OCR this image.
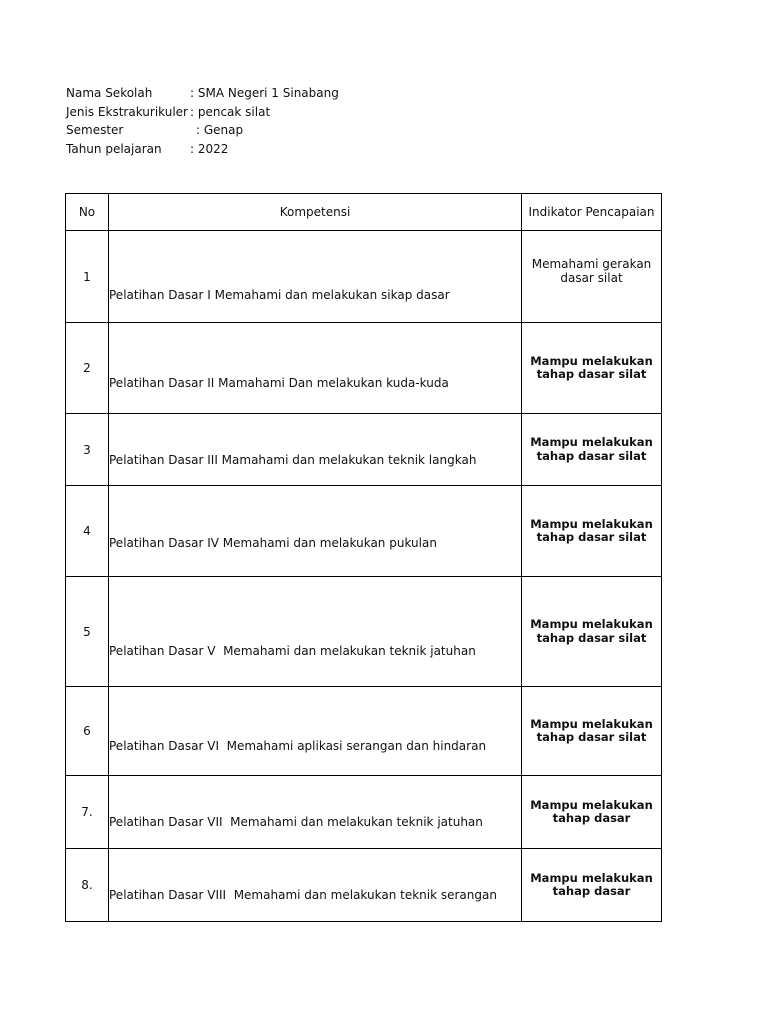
Nama Sekolah	: SMA Negeri 1 Sinabang
Jenis Ekstrakurikuler : pencak silat
Semester	: Genap
Tahun pelajaran	: 2022
No	Kompetensi	Indikator Pencapaian
1	Pelatihan Dasar I Memahami dan melakukan sikap dasar	Memahami gerakan dasar silat
2	Pelatihan Dasar II Mamahami Dan melakukan kuda-kuda	Mampu melakukan tahap dasar silat
3	Pelatihan Dasar III Mamahami dan melakukan teknik langkah	Mampu melakukan tahap dasar silat
4	Pelatihan Dasar IV Memahami dan melakukan pukulan	Mampu melakukan tahap dasar silat
5	Pelatihan Dasar V  Memahami dan melakukan teknik jatuhan	Mampu melakukan tahap dasar silat
6	Pelatihan Dasar VI  Memahami aplikasi serangan dan hindaran	Mampu melakukan tahap dasar silat
7.	Pelatihan Dasar VII  Memahami dan melakukan teknik jatuhan	Mampu melakukan tahap dasar
8.	Pelatihan Dasar VIII  Memahami dan melakukan teknik serangan	Mampu melakukan tahap dasar
